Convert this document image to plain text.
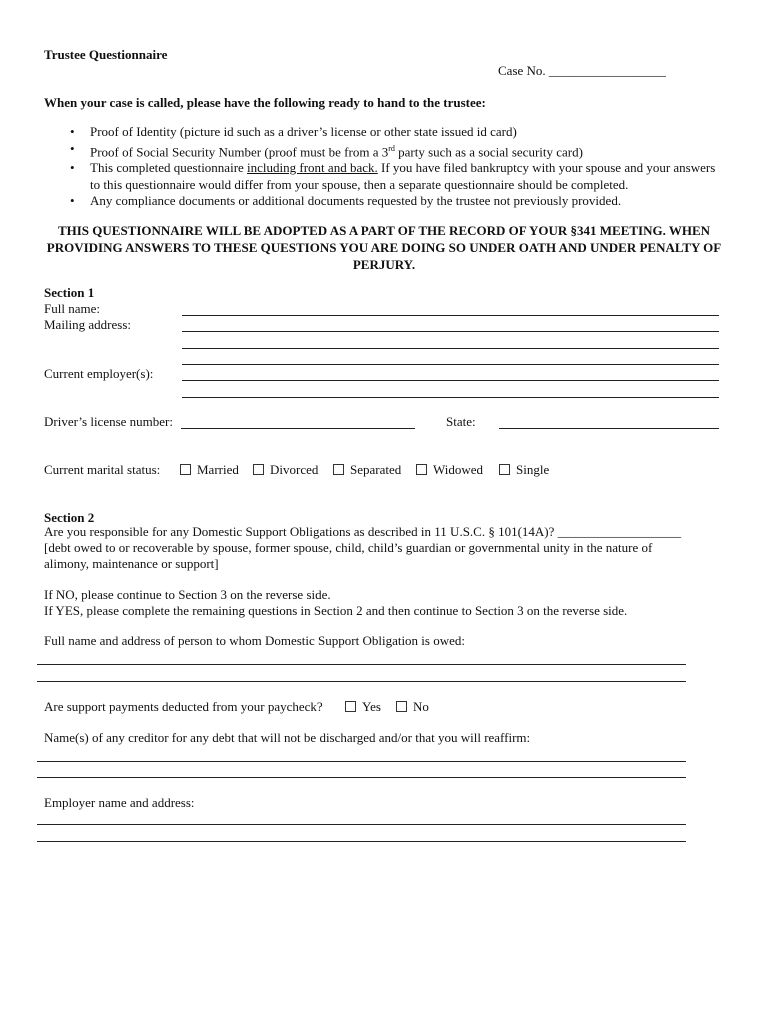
Trustee Questionnaire
Case No. __________________
When your case is called, please have the following ready to hand to the trustee:
• Proof of Identity (picture id such as a driver’s license or other state issued id card)
• Proof of Social Security Number (proof must be from a 3rd party such as a social security card)
• This completed questionnaire including front and back. If you have filed bankruptcy with your spouse and your answers to this questionnaire would differ from your spouse, then a separate questionnaire should be completed.
• Any compliance documents or additional documents requested by the trustee not previously provided.
THIS QUESTIONNAIRE WILL BE ADOPTED AS A PART OF THE RECORD OF YOUR §341 MEETING. WHEN PROVIDING ANSWERS TO THESE QUESTIONS YOU ARE DOING SO UNDER OATH AND UNDER PENALTY OF PERJURY.
Section 1
Full name:
Mailing address:
Current employer(s):
Driver’s license number:	State:
Current marital status:	Married	Divorced	Separated	Widowed	Single
Section 2
Are you responsible for any Domestic Support Obligations as described in 11 U.S.C. § 101(14A)? ___________________
[debt owed to or recoverable by spouse, former spouse, child, child’s guardian or governmental unity in the nature of
alimony, maintenance or support]
If NO, please continue to Section 3 on the reverse side.
If YES, please complete the remaining questions in Section 2 and then continue to Section 3 on the reverse side.
Full name and address of person to whom Domestic Support Obligation is owed:
Are support payments deducted from your paycheck?	Yes	No
Name(s) of any creditor for any debt that will not be discharged and/or that you will reaffirm:
Employer name and address:
